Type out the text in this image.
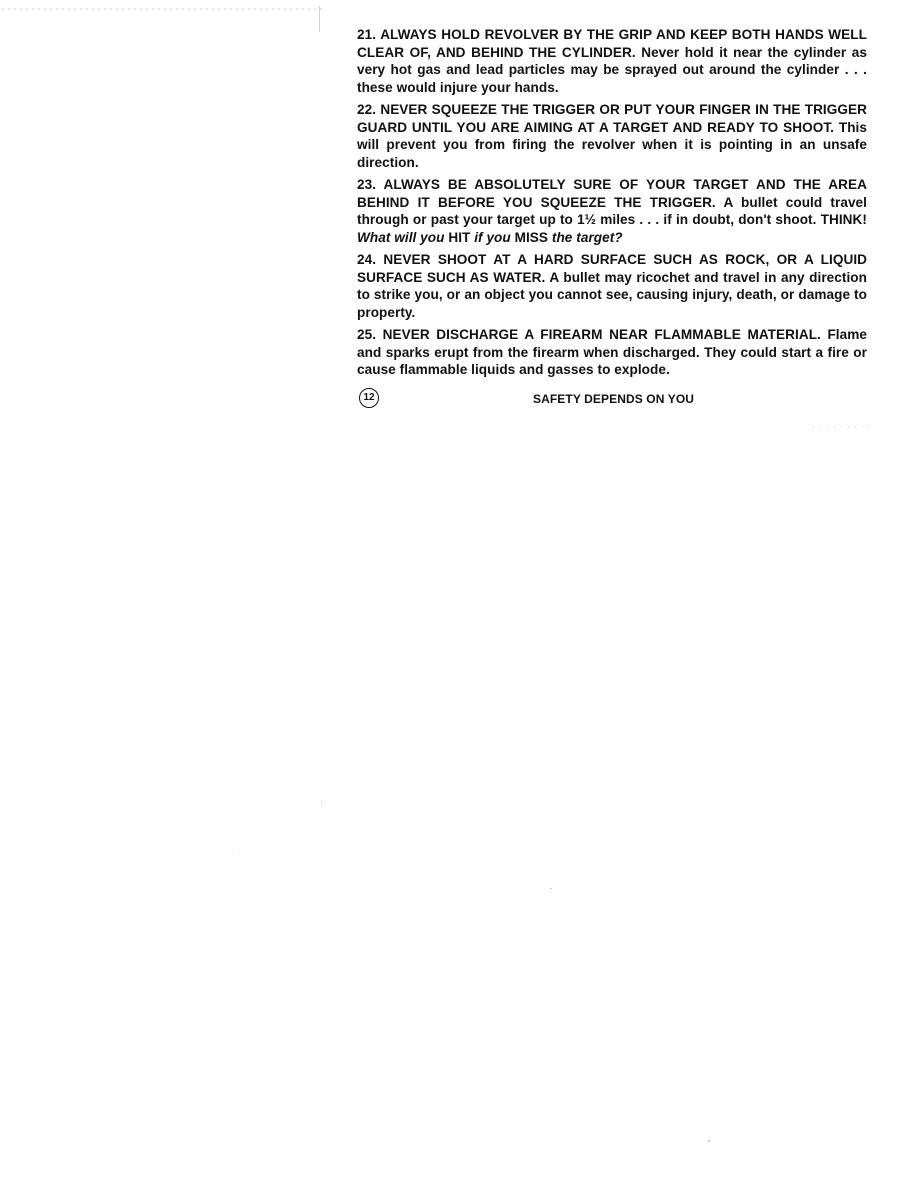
21. ALWAYS HOLD REVOLVER BY THE GRIP AND KEEP BOTH HANDS WELL CLEAR OF, AND BEHIND THE CYLINDER. Never hold it near the cylinder as very hot gas and lead particles may be sprayed out around the cylinder . . . these would injure your hands.

22. NEVER SQUEEZE THE TRIGGER OR PUT YOUR FINGER IN THE TRIGGER GUARD UNTIL YOU ARE AIMING AT A TARGET AND READY TO SHOOT. This will prevent you from firing the revolver when it is pointing in an unsafe direction.

23. ALWAYS BE ABSOLUTELY SURE OF YOUR TARGET AND THE AREA BEHIND IT BEFORE YOU SQUEEZE THE TRIGGER. A bullet could travel through or past your target up to 1½ miles . . . if in doubt, don't shoot. THINK! What will you HIT if you MISS the target?

24. NEVER SHOOT AT A HARD SURFACE SUCH AS ROCK, OR A LIQUID SURFACE SUCH AS WATER. A bullet may ricochet and travel in any direction to strike you, or an object you cannot see, causing injury, death, or damage to property.

25. NEVER DISCHARGE A FIREARM NEAR FLAMMABLE MATERIAL. Flame and sparks erupt from the firearm when discharged. They could start a fire or cause flammable liquids and gasses to explode.

12	SAFETY DEPENDS ON YOU
